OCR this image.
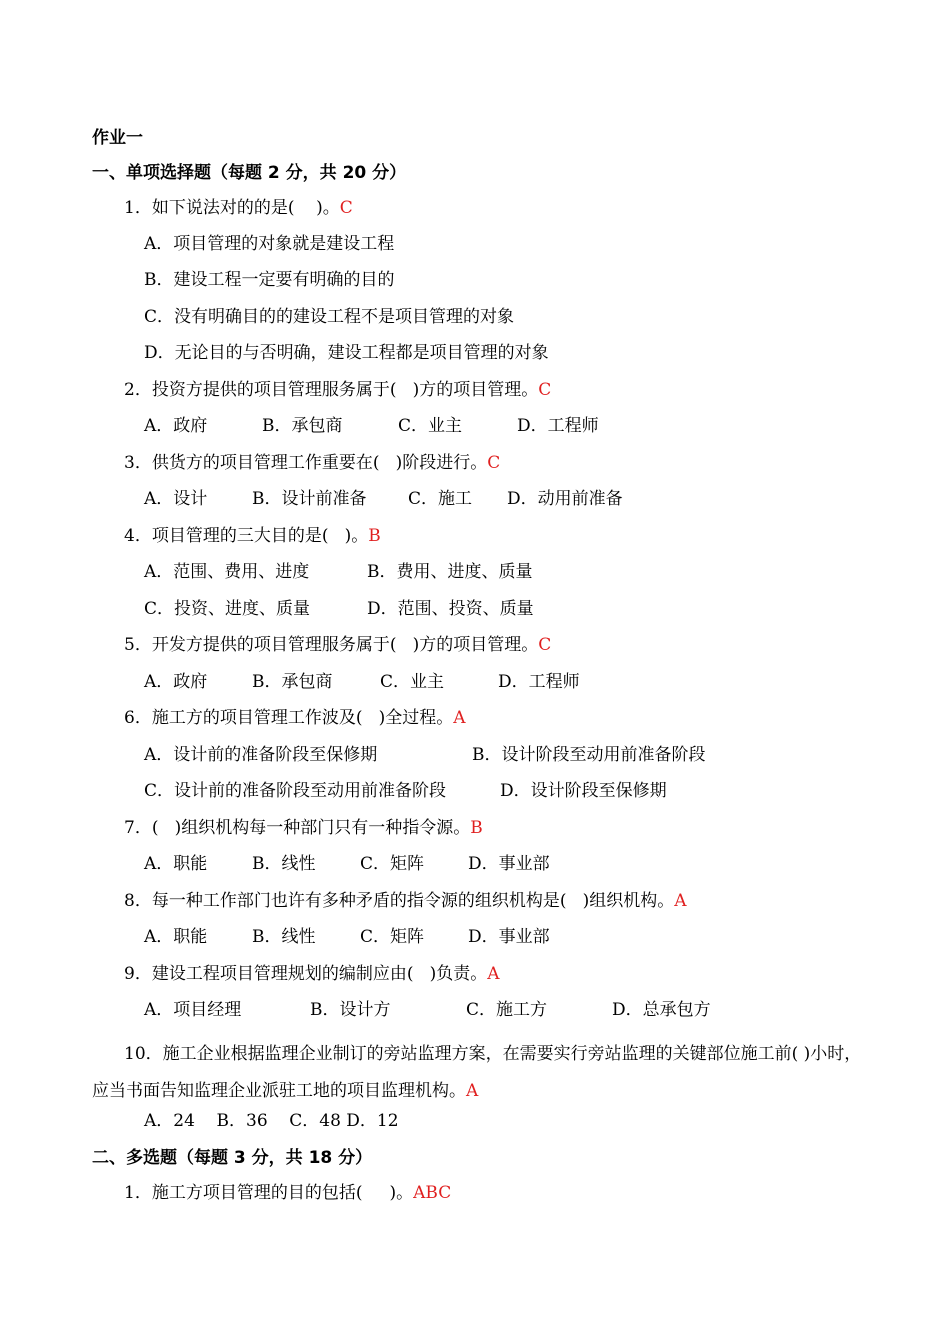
作业一
一、单项选择题（每题 2 分，共 20 分）
1．如下说法对的的是(    )。C
A．项目管理的对象就是建设工程
B．建设工程一定要有明确的目的
C．没有明确目的的建设工程不是项目管理的对象
D．无论目的与否明确，建设工程都是项目管理的对象
2．投资方提供的项目管理服务属于(   )方的项目管理。C
A．政府	B．承包商	C．业主	D．工程师
3．供货方的项目管理工作重要在(   )阶段进行。C
A．设计	B．设计前准备 C．施工 D．动用前准备
4．项目管理的三大目的是(   )。B
A．范围、费用、进度	B．费用、进度、质量
C．投资、进度、质量	D．范围、投资、质量
5．开发方提供的项目管理服务属于(   )方的项目管理。C
A．政府	B．承包商	C．业主	D．工程师
6．施工方的项目管理工作波及(   )全过程。A
A．设计前的准备阶段至保修期	B．设计阶段至动用前准备阶段
C．设计前的准备阶段至动用前准备阶段	D．设计阶段至保修期
7．(   )组织机构每一种部门只有一种指令源。B
A．职能	B．线性	C．矩阵	D．事业部
8．每一种工作部门也许有多种矛盾的指令源的组织机构是(   )组织机构。A
A．职能	B．线性	C．矩阵	D．事业部
9．建设工程项目管理规划的编制应由(   )负责。A
A．项目经理	B．设计方	C．施工方	D．总承包方
10．施工企业根据监理企业制订的旁站监理方案，在需要实行旁站监理的关键部位施工前( )小时，应当书面告知监理企业派驻工地的项目监理机构。A
A．24    B．36    C．48 D．12
二、多选题（每题 3 分，共 18 分）
1．施工方项目管理的目的包括(     )。ABC
